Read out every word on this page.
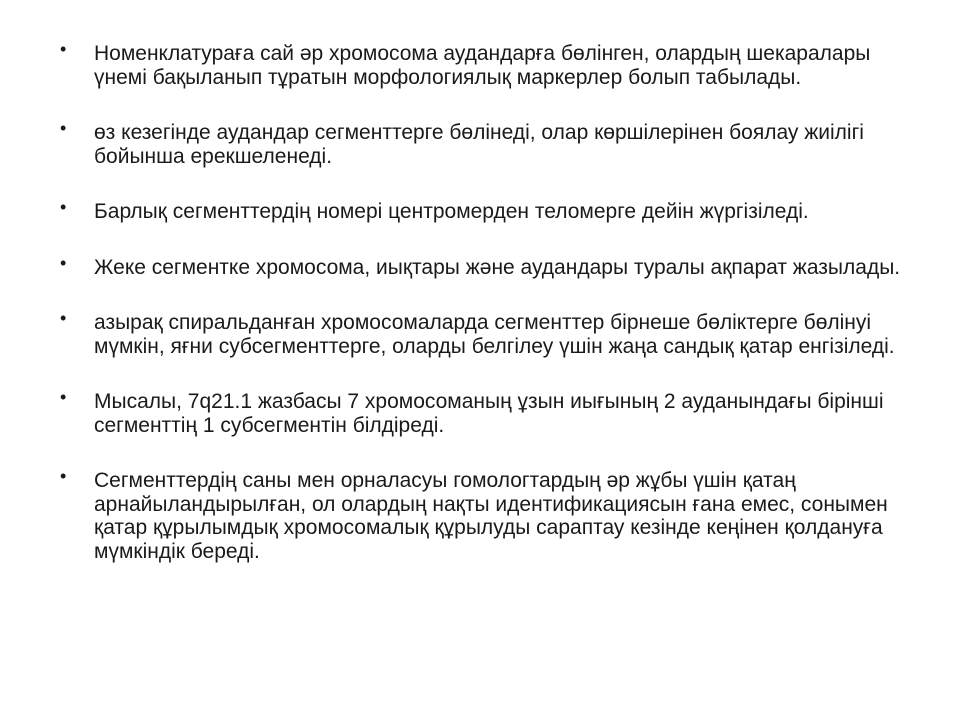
• Номенклатураға сай әр хромосома аудандарға бөлінген, олардың шекаралары үнемі бақыланып тұратын морфологиялық маркерлер болып табылады.
• өз кезегінде аудандар сегменттерге бөлінеді, олар көршілерінен боялау жиілігі бойынша ерекшеленеді.
• Барлық сегменттердің номері центромерден теломерге дейін жүргізіледі.
• Жеке сегментке хромосома, иықтары және аудандары туралы ақпарат жазылады.
• азырақ спиральданған хромосомаларда сегменттер бірнеше бөліктерге бөлінуі мүмкін, яғни субсегменттерге, оларды белгілеу үшін жаңа сандық қатар енгізіледі.
• Мысалы, 7q21.1 жазбасы 7 хромосоманың ұзын иығының 2 ауданындағы бірінші сегменттің 1 субсегментін білдіреді.
• Сегменттердің саны мен орналасуы гомологтардың әр жұбы үшін қатаң арнайыландырылған, ол олардың нақты идентификациясын ғана емес, сонымен қатар құрылымдық хромосомалық құрылуды сараптау кезінде кеңінен қолдануға мүмкіндік береді.
